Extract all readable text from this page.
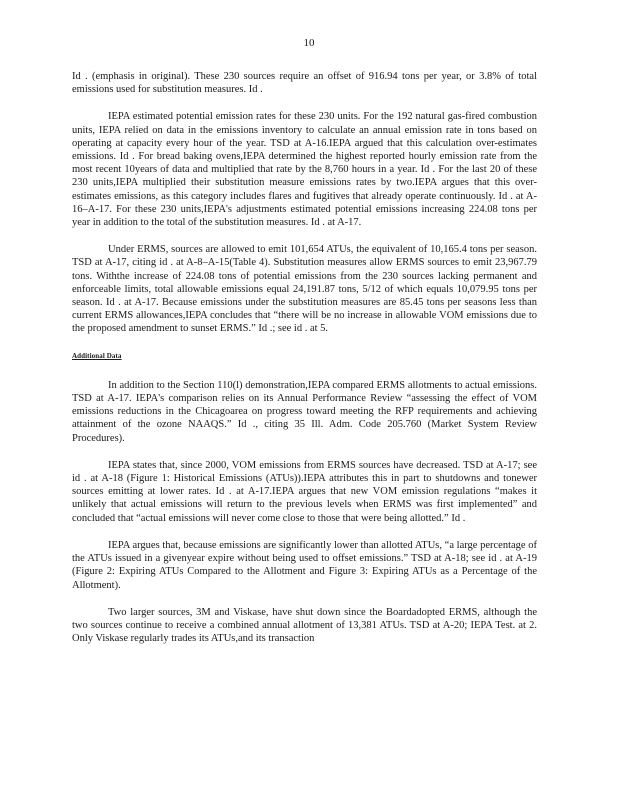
10

Id . (emphasis in original). These 230 sources require an offset of 916.94 tons per year, or 3.8% of total emissions used for substitution measures. Id .

IEPA estimated potential emission rates for these 230 units. For the 192 natural gas-fired combustion units, IEPA relied on data in the emissions inventory to calculate an annual emission rate in tons based on operating at capacity every hour of the year. TSD at A-16.IEPA argued that this calculation over-estimates emissions. Id . For bread baking ovens,IEPA determined the highest reported hourly emission rate from the most recent 10years of data and multiplied that rate by the 8,760 hours in a year. Id . For the last 20 of these 230 units,IEPA multiplied their substitution measure emissions rates by two.IEPA argues that this over-estimates emissions, as this category includes flares and fugitives that already operate continuously. Id . at A-16–A-17. For these 230 units,IEPA's adjustments estimated potential emissions increasing 224.08 tons per year in addition to the total of the substitution measures. Id . at A-17.

Under ERMS, sources are allowed to emit 101,654 ATUs, the equivalent of 10,165.4 tons per season. TSD at A-17, citing id . at A-8–A-15(Table 4). Substitution measures allow ERMS sources to emit 23,967.79 tons. Withthe increase of 224.08 tons of potential emissions from the 230 sources lacking permanent and enforceable limits, total allowable emissions equal 24,191.87 tons, 5/12 of which equals 10,079.95 tons per season. Id . at A-17. Because emissions under the substitution measures are 85.45 tons per seasons less than current ERMS allowances,IEPA concludes that “there will be no increase in allowable VOM emissions due to the proposed amendment to sunset ERMS.” Id .; see id . at 5.

Additional Data

In addition to the Section 110(l) demonstration,IEPA compared ERMS allotments to actual emissions. TSD at A-17. IEPA's comparison relies on its Annual Performance Review “assessing the effect of VOM emissions reductions in the Chicagoarea on progress toward meeting the RFP requirements and achieving attainment of the ozone NAAQS.” Id ., citing 35 Ill. Adm. Code 205.760 (Market System Review Procedures).

IEPA states that, since 2000, VOM emissions from ERMS sources have decreased. TSD at A-17; see id . at A-18 (Figure 1: Historical Emissions (ATUs)).IEPA attributes this in part to shutdowns and tonewer sources emitting at lower rates. Id . at A-17.IEPA argues that new VOM emission regulations “makes it unlikely that actual emissions will return to the previous levels when ERMS was first implemented” and concluded that “actual emissions will never come close to those that were being allotted.” Id .

IEPA argues that, because emissions are significantly lower than allotted ATUs, “a large percentage of the ATUs issued in a givenyear expire without being used to offset emissions.” TSD at A-18; see id . at A-19 (Figure 2: Expiring ATUs Compared to the Allotment and Figure 3: Expiring ATUs as a Percentage of the Allotment).

Two larger sources, 3M and Viskase, have shut down since the Boardadopted ERMS, although the two sources continue to receive a combined annual allotment of 13,381 ATUs. TSD at A-20; IEPA Test. at 2. Only Viskase regularly trades its ATUs,and its transaction
